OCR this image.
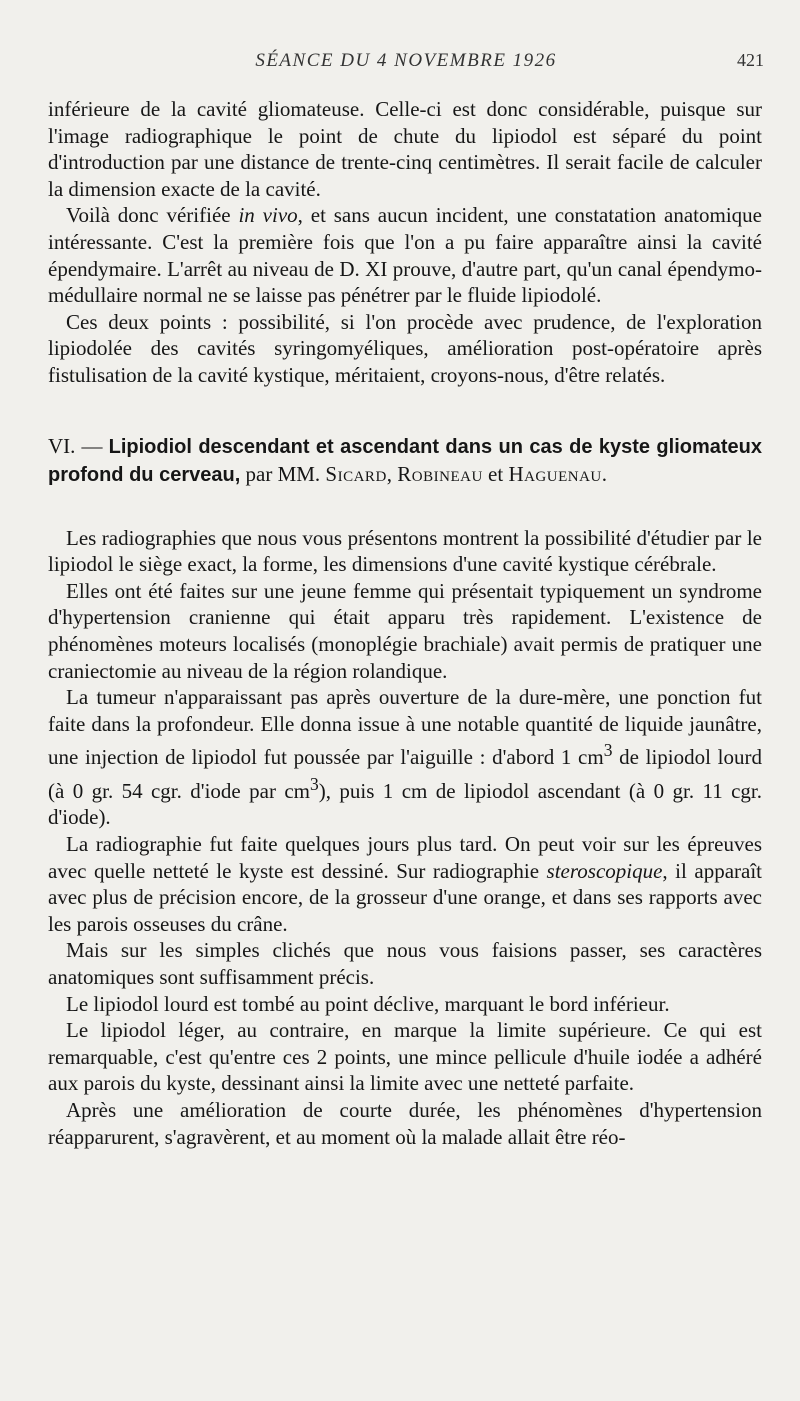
SÉANCE DU 4 NOVEMBRE 1926	421

inférieure de la cavité gliomateuse. Celle-ci est donc considérable, puisque sur l'image radiographique le point de chute du lipiodol est séparé du point d'introduction par une distance de trente-cinq centimètres. Il serait facile de calculer la dimension exacte de la cavité.

Voilà donc vérifiée in vivo, et sans aucun incident, une constatation anatomique intéressante. C'est la première fois que l'on a pu faire apparaître ainsi la cavité épendymaire. L'arrêt au niveau de D. XI prouve, d'autre part, qu'un canal épendymo-médullaire normal ne se laisse pas pénétrer par le fluide lipiodolé.

Ces deux points : possibilité, si l'on procède avec prudence, de l'exploration lipiodolée des cavités syringomyéliques, amélioration post-opératoire après fistulisation de la cavité kystique, méritaient, croyons-nous, d'être relatés.

VI. — Lipiodiol descendant et ascendant dans un cas de kyste gliomateux profond du cerveau, par MM. Sicard, Robineau et Haguenau.

Les radiographies que nous vous présentons montrent la possibilité d'étudier par le lipiodol le siège exact, la forme, les dimensions d'une cavité kystique cérébrale.

Elles ont été faites sur une jeune femme qui présentait typiquement un syndrome d'hypertension cranienne qui était apparu très rapidement. L'existence de phénomènes moteurs localisés (monoplégie brachiale) avait permis de pratiquer une craniectomie au niveau de la région rolandique.

La tumeur n'apparaissant pas après ouverture de la dure-mère, une ponction fut faite dans la profondeur. Elle donna issue à une notable quantité de liquide jaunâtre, une injection de lipiodol fut poussée par l'aiguille : d'abord 1 $cm^3$ de lipiodol lourd (à 0 gr. 54 cgr. d'iode par $cm^3$), puis 1 cm de lipiodol ascendant (à 0 gr. 11 cgr. d'iode).

La radiographie fut faite quelques jours plus tard. On peut voir sur les épreuves avec quelle netteté le kyste est dessiné. Sur radiographie steroscopique, il apparaît avec plus de précision encore, de la grosseur d'une orange, et dans ses rapports avec les parois osseuses du crâne.

Mais sur les simples clichés que nous vous faisions passer, ses caractères anatomiques sont suffisamment précis.

Le lipiodol lourd est tombé au point déclive, marquant le bord inférieur.

Le lipiodol léger, au contraire, en marque la limite supérieure. Ce qui est remarquable, c'est qu'entre ces 2 points, une mince pellicule d'huile iodée a adhéré aux parois du kyste, dessinant ainsi la limite avec une netteté parfaite.

Après une amélioration de courte durée, les phénomènes d'hypertension réapparurent, s'agravèrent, et au moment où la malade allait être réo-
